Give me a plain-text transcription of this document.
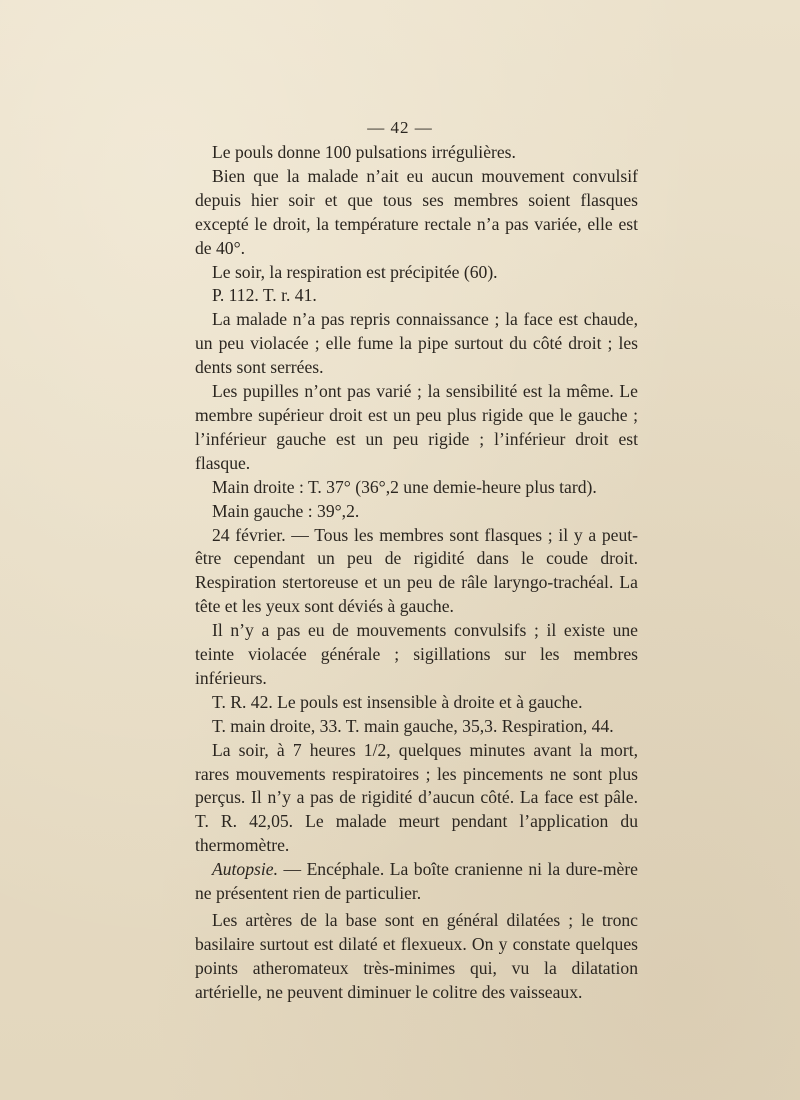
— 42 —

Le pouls donne 100 pulsations irrégulières.

Bien que la malade n’ait eu aucun mouvement convulsif depuis hier soir et que tous ses membres soient flasques excepté le droit, la température rectale n’a pas variée, elle est de 40°.

Le soir, la respiration est précipitée (60).

P. 112. T. r. 41.

La malade n’a pas repris connaissance ; la face est chaude, un peu violacée ; elle fume la pipe surtout du côté droit ; les dents sont serrées.

Les pupilles n’ont pas varié ; la sensibilité est la même. Le membre supérieur droit est un peu plus rigide que le gauche ; l’inférieur gauche est un peu rigide ; l’inférieur droit est flasque.

Main droite : T. 37° (36°,2 une demie-heure plus tard).

Main gauche : 39°,2.

24 février. — Tous les membres sont flasques ; il y a peut-être cependant un peu de rigidité dans le coude droit. Respiration stertoreuse et un peu de râle laryngo-trachéal. La tête et les yeux sont déviés à gauche.

Il n’y a pas eu de mouvements convulsifs ; il existe une teinte violacée générale ; sigillations sur les membres inférieurs.

T. R. 42. Le pouls est insensible à droite et à gauche.

T. main droite, 33. T. main gauche, 35,3. Respiration, 44.

La soir, à 7 heures 1/2, quelques minutes avant la mort, rares mouvements respiratoires ; les pincements ne sont plus perçus. Il n’y a pas de rigidité d’aucun côté. La face est pâle. T. R. 42,05. Le malade meurt pendant l’application du thermomètre.

Autopsie. — Encéphale. La boîte cranienne ni la dure-mère ne présentent rien de particulier.

Les artères de la base sont en général dilatées ; le tronc basilaire surtout est dilaté et flexueux. On y constate quelques points atheromateux très-minimes qui, vu la dilatation artérielle, ne peuvent diminuer le colitre des vaisseaux.
